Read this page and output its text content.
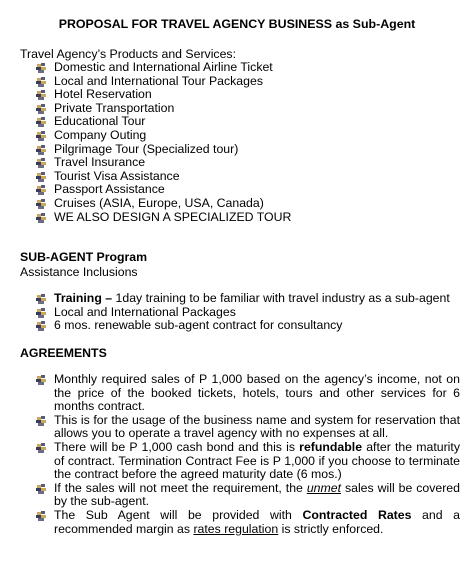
PROPOSAL FOR TRAVEL AGENCY BUSINESS as Sub-Agent
Travel Agency’s Products and Services:
Domestic and International Airline Ticket
Local and International Tour Packages
Hotel Reservation
Private Transportation
Educational Tour
Company Outing
Pilgrimage Tour (Specialized tour)
Travel Insurance
Tourist Visa Assistance
Passport Assistance
Cruises (ASIA, Europe, USA, Canada)
WE ALSO DESIGN A SPECIALIZED TOUR
SUB-AGENT Program
Assistance Inclusions
Training – 1day training to be familiar with travel industry as a sub-agent
Local and International Packages
6 mos. renewable sub-agent contract for consultancy
AGREEMENTS
Monthly required sales of P 1,000 based on the agency’s income, not on the price of the booked tickets, hotels, tours and other services for 6 months contract.
This is for the usage of the business name and system for reservation that allows you to operate a travel agency with no expenses at all.
There will be P 1,000 cash bond and this is refundable after the maturity of contract. Termination Contract Fee is P 1,000 if you choose to terminate the contract before the agreed maturity date (6 mos.)
If the sales will not meet the requirement, the unmet sales will be covered by the sub-agent.
The Sub Agent will be provided with Contracted Rates and a recommended margin as rates regulation is strictly enforced.
